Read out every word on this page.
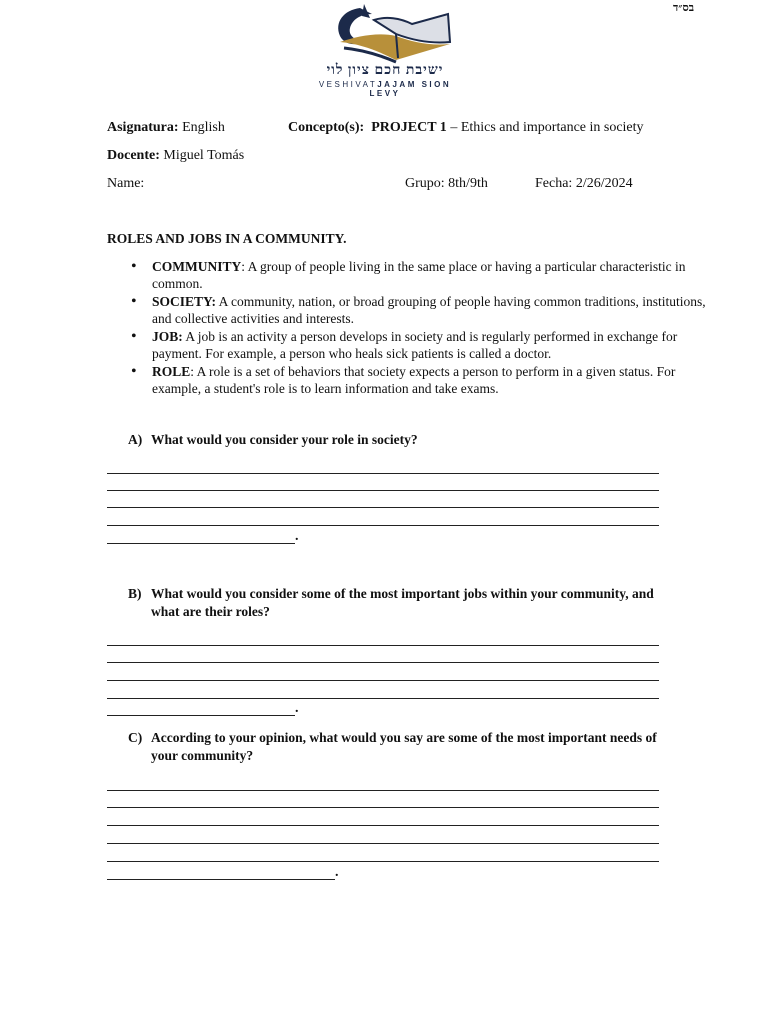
בס״ד
ישיבת חכם ציון לוי
VESHIVATJAJAM SION LEVY
Asignatura: English	Concepto(s): PROJECT 1 – Ethics and importance in society
Docente: Miguel Tomás
Name:	Grupo: 8th/9th	Fecha: 2/26/2024
ROLES AND JOBS IN A COMMUNITY.
• COMMUNITY: A group of people living in the same place or having a particular characteristic in common.
• SOCIETY: A community, nation, or broad grouping of people having common traditions, institutions, and collective activities and interests.
• JOB: A job is an activity a person develops in society and is regularly performed in exchange for payment. For example, a person who heals sick patients is called a doctor.
• ROLE: A role is a set of behaviors that society expects a person to perform in a given status. For example, a student's role is to learn information and take exams.
A) What would you consider your role in society?
.
B) What would you consider some of the most important jobs within your community, and what are their roles?
.
C) According to your opinion, what would you say are some of the most important needs of your community?
.
